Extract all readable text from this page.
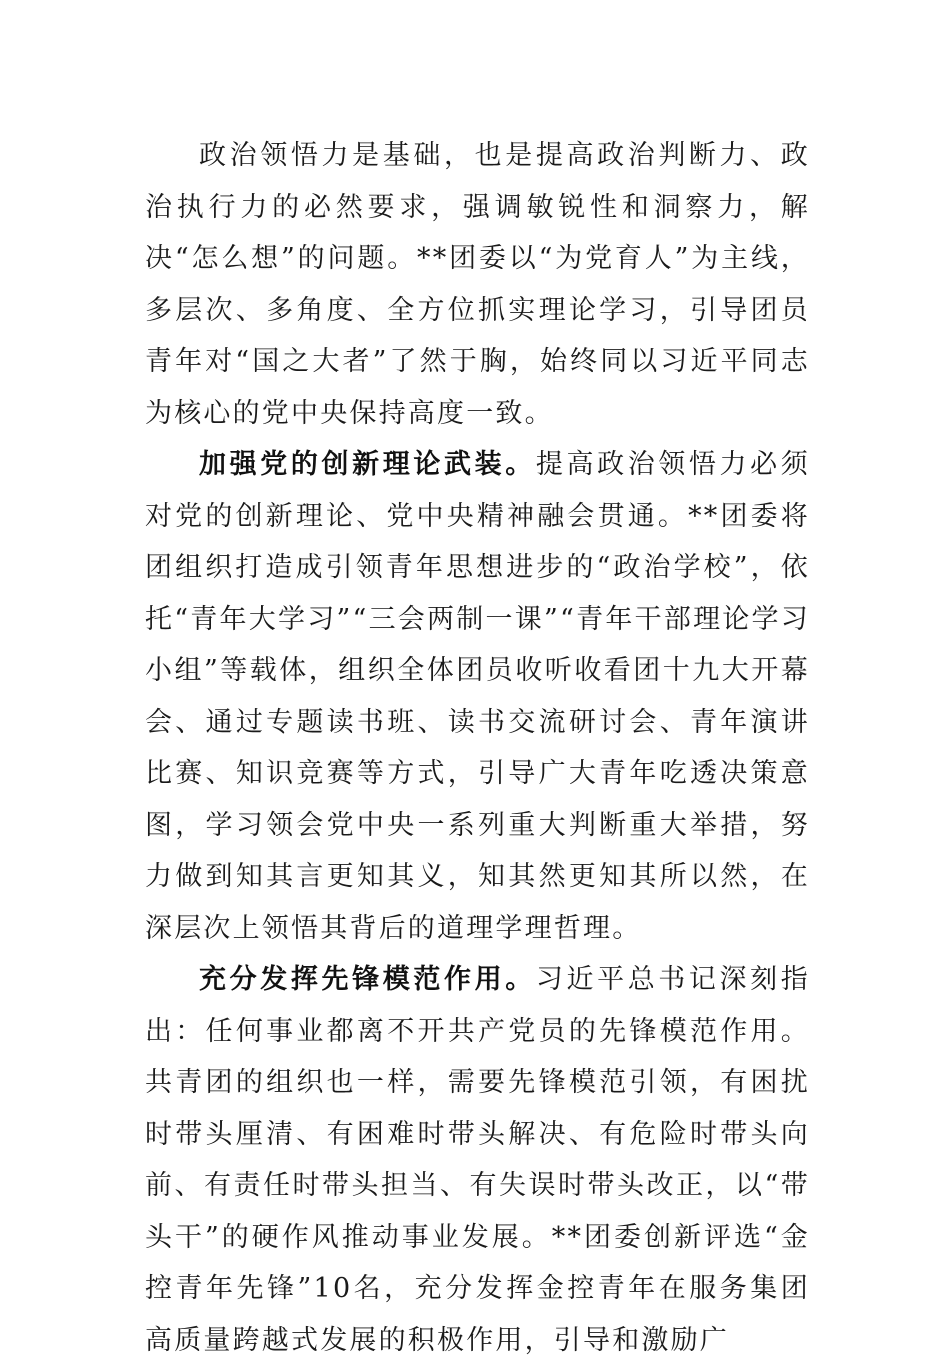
政治领悟力是基础，也是提高政治判断力、政治执行力的必然要求，强调敏锐性和洞察力，解决“怎么想”的问题。**团委以“为党育人”为主线，多层次、多角度、全方位抓实理论学习，引导团员青年对“国之大者”了然于胸，始终同以习近平同志为核心的党中央保持高度一致。

加强党的创新理论武装。提高政治领悟力必须对党的创新理论、党中央精神融会贯通。**团委将团组织打造成引领青年思想进步的“政治学校”，依托“青年大学习”“三会两制一课”“青年干部理论学习小组”等载体，组织全体团员收听收看团十九大开幕会、通过专题读书班、读书交流研讨会、青年演讲比赛、知识竞赛等方式，引导广大青年吃透决策意图，学习领会党中央一系列重大判断重大举措，努力做到知其言更知其义，知其然更知其所以然，在深层次上领悟其背后的道理学理哲理。

充分发挥先锋模范作用。习近平总书记深刻指出：任何事业都离不开共产党员的先锋模范作用。共青团的组织也一样，需要先锋模范引领，有困扰时带头厘清、有困难时带头解决、有危险时带头向前、有责任时带头担当、有失误时带头改正，以“带头干”的硬作风推动事业发展。**团委创新评选“金控青年先锋”10名，充分发挥金控青年在服务集团高质量跨越式发展的积极作用，引导和激励广
